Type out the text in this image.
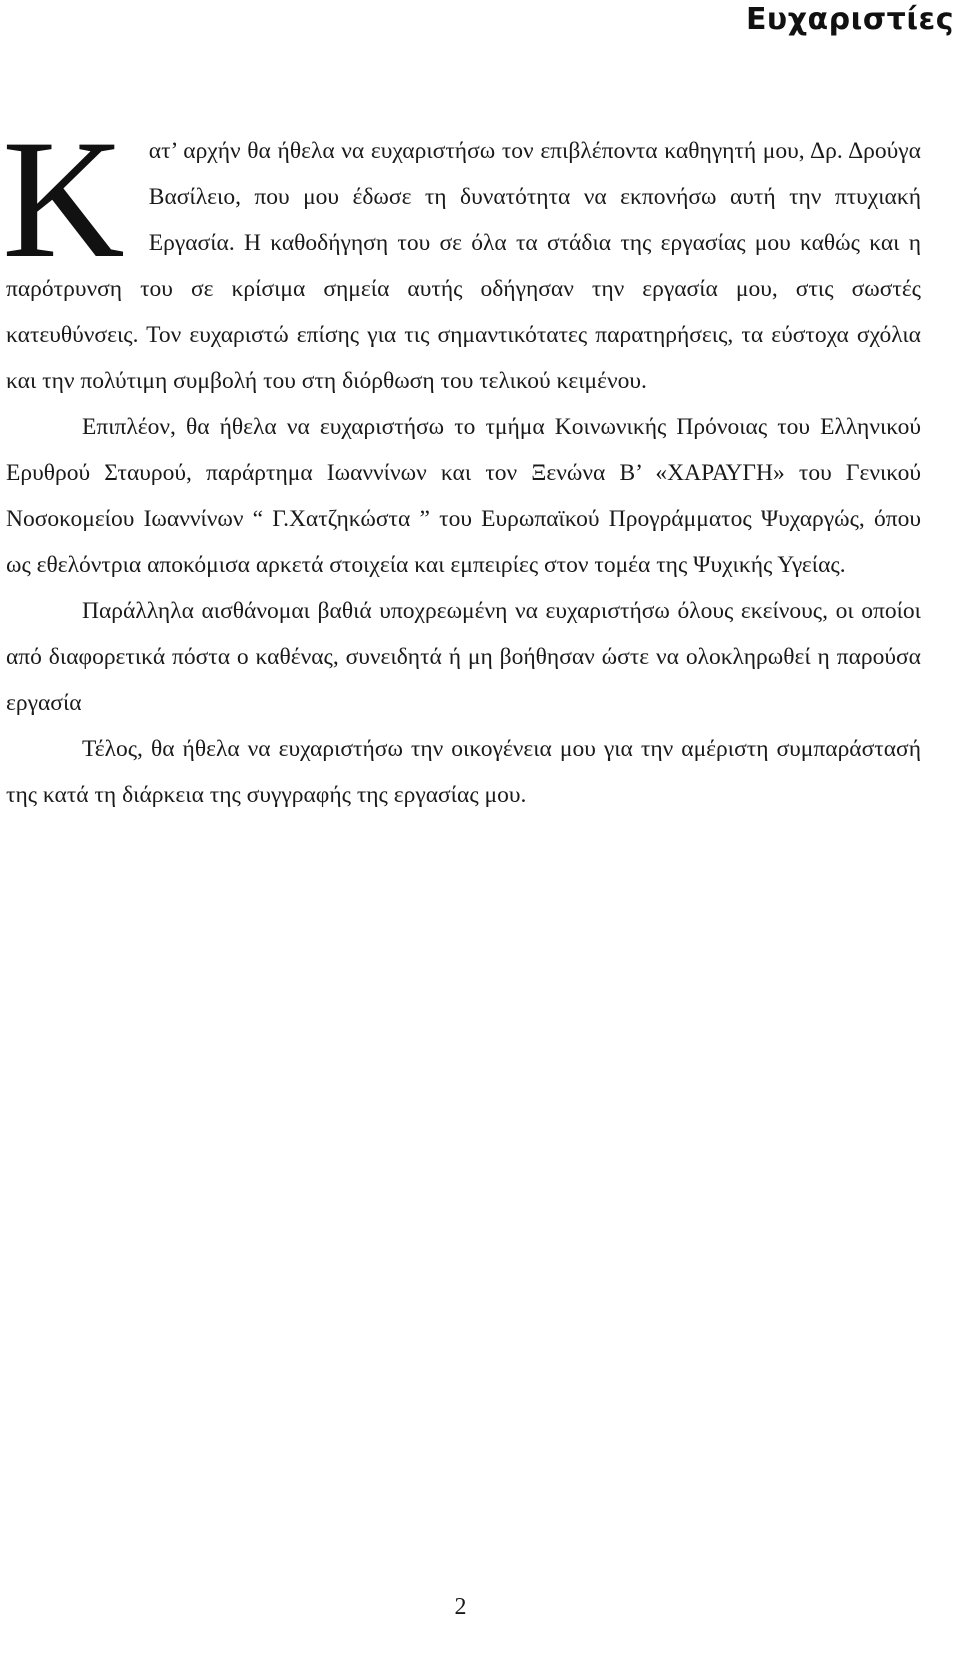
Ευχαριστίες

Κ ατ’ αρχήν θα ήθελα να ευχαριστήσω τον επιβλέποντα καθηγητή μου, Δρ. Δρούγα Βασίλειο, που μου έδωσε τη δυνατότητα να εκπονήσω αυτή την πτυχιακή Εργασία. Η καθοδήγηση του σε όλα τα στάδια της εργασίας μου καθώς και η παρότρυνση του σε κρίσιμα σημεία αυτής οδήγησαν την εργασία μου, στις σωστές κατευθύνσεις. Τον ευχαριστώ επίσης για τις σημαντικότατες παρατηρήσεις, τα εύστοχα σχόλια και την πολύτιμη συμβολή του στη διόρθωση του τελικού κειμένου.

Επιπλέον, θα ήθελα να ευχαριστήσω το τμήμα Κοινωνικής Πρόνοιας του Ελληνικού Ερυθρού Σταυρού, παράρτημα Ιωαννίνων και τον Ξενώνα Β’ «ΧΑΡΑΥΓΗ» του Γενικού Νοσοκομείου Ιωαννίνων “ Γ.Χατζηκώστα ” του Ευρωπαϊκού Προγράμματος Ψυχαργώς, όπου ως εθελόντρια αποκόμισα αρκετά στοιχεία και εμπειρίες στον τομέα της Ψυχικής Υγείας.

Παράλληλα αισθάνομαι βαθιά υποχρεωμένη να ευχαριστήσω όλους εκείνους, οι οποίοι από διαφορετικά πόστα ο καθένας, συνειδητά ή μη βοήθησαν ώστε να ολοκληρωθεί η παρούσα εργασία

Τέλος, θα ήθελα να ευχαριστήσω την οικογένεια μου για την αμέριστη συμπαράστασή της κατά τη διάρκεια της συγγραφής της εργασίας μου.

2
